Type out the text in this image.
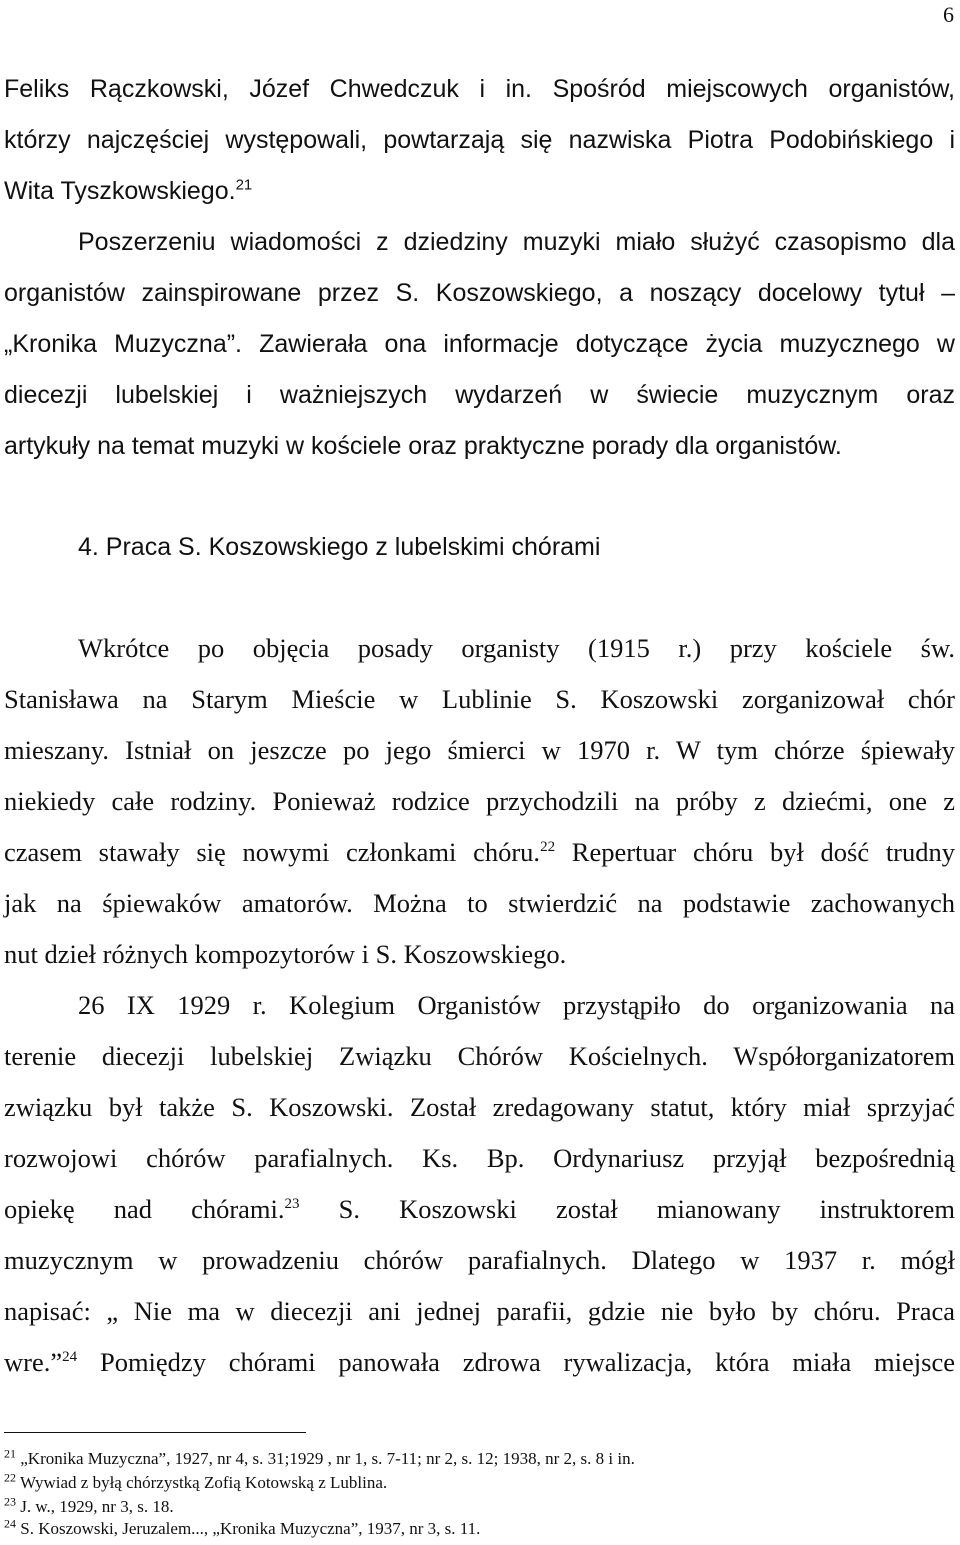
6
Feliks Rączkowski, Józef Chwedczuk i in. Spośród miejscowych organistów,
którzy najczęściej występowali, powtarzają się nazwiska Piotra Podobińskiego i
Wita Tyszkowskiego.$^{21}$
Poszerzeniu wiadomości z dziedziny muzyki miało służyć czasopismo dla
organistów zainspirowane przez S. Koszowskiego, a noszący docelowy tytuł –
„Kronika Muzyczna”. Zawierała ona informacje dotyczące życia muzycznego w
diecezji lubelskiej i ważniejszych wydarzeń w świecie muzycznym oraz
artykuły na temat muzyki w kościele oraz praktyczne porady dla organistów.
4. Praca S. Koszowskiego z lubelskimi chórami
Wkrótce po objęcia posady organisty (1915 r.) przy kościele św.
Stanisława na Starym Mieście w Lublinie S. Koszowski zorganizował chór
mieszany. Istniał on jeszcze po jego śmierci w 1970 r. W tym chórze śpiewały
niekiedy całe rodziny. Ponieważ rodzice przychodzili na próby z dziećmi, one z
czasem stawały się nowymi członkami chóru.$^{22}$ Repertuar chóru był dość trudny
jak na śpiewaków amatorów. Można to stwierdzić na podstawie zachowanych
nut dzieł różnych kompozytorów i S. Koszowskiego.
26 IX 1929 r. Kolegium Organistów przystąpiło do organizowania na
terenie diecezji lubelskiej Związku Chórów Kościelnych. Współorganizatorem
związku był także S. Koszowski. Został zredagowany statut, który miał sprzyjać
rozwojowi chórów parafialnych. Ks. Bp. Ordynariusz przyjął bezpośrednią
opiekę nad chórami.$^{23}$ S. Koszowski został mianowany instruktorem
muzycznym w prowadzeniu chórów parafialnych. Dlatego w 1937 r. mógł
napisać: „ Nie ma w diecezji ani jednej parafii, gdzie nie było by chóru. Praca
wre.”$^{24}$ Pomiędzy chórami panowała zdrowa rywalizacja, która miała miejsce
$^{21}$ „Kronika Muzyczna”, 1927, nr 4, s. 31;1929 , nr 1, s. 7-11; nr 2, s. 12; 1938, nr 2, s. 8 i in.
$^{22}$ Wywiad z byłą chórzystką Zofią Kotowską z Lublina.
$^{23}$ J. w., 1929, nr 3, s. 18.
$^{24}$ S. Koszowski, Jeruzalem..., „Kronika Muzyczna”, 1937, nr 3, s. 11.
